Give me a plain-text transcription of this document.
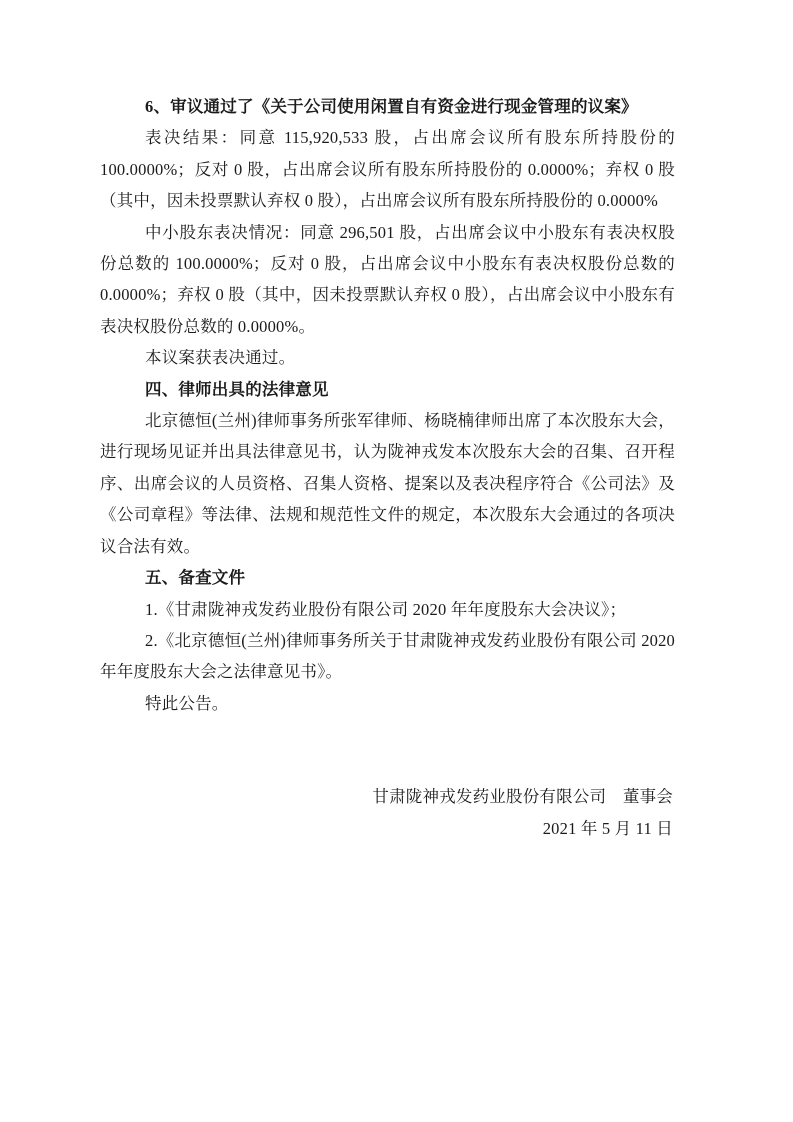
6、审议通过了《关于公司使用闲置自有资金进行现金管理的议案》

表决结果：同意 115,920,533 股，占出席会议所有股东所持股份的 100.0000%；反对 0 股，占出席会议所有股东所持股份的 0.0000%；弃权 0 股（其中，因未投票默认弃权 0 股），占出席会议所有股东所持股份的 0.0000%

中小股东表决情况：同意 296,501 股，占出席会议中小股东有表决权股份总数的 100.0000%；反对 0 股，占出席会议中小股东有表决权股份总数的 0.0000%；弃权 0 股（其中，因未投票默认弃权 0 股），占出席会议中小股东有表决权股份总数的 0.0000%。

本议案获表决通过。

四、律师出具的法律意见

北京德恒(兰州)律师事务所张军律师、杨晓楠律师出席了本次股东大会，进行现场见证并出具法律意见书，认为陇神戎发本次股东大会的召集、召开程序、出席会议的人员资格、召集人资格、提案以及表决程序符合《公司法》及《公司章程》等法律、法规和规范性文件的规定，本次股东大会通过的各项决议合法有效。

五、备查文件

1.《甘肃陇神戎发药业股份有限公司 2020 年年度股东大会决议》；

2.《北京德恒(兰州)律师事务所关于甘肃陇神戎发药业股份有限公司 2020 年年度股东大会之法律意见书》。

特此公告。

甘肃陇神戎发药业股份有限公司　董事会

2021 年 5 月 11 日
